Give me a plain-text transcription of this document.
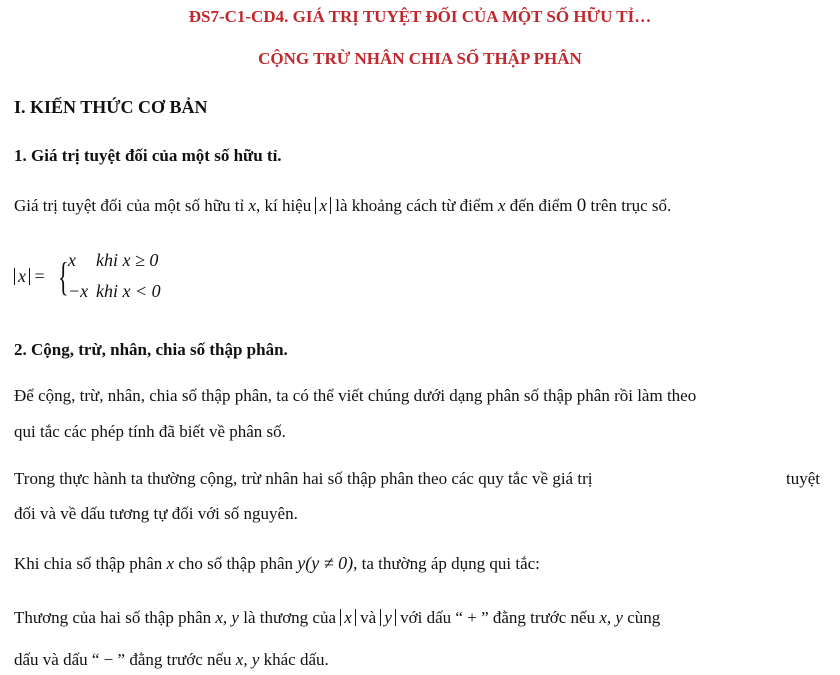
ĐS7-C1-CD4. GIÁ TRỊ TUYỆT ĐỐI CỦA MỘT SỐ HỮU TỈ…
CỘNG TRỪ NHÂN CHIA SỐ THẬP PHÂN
I. KIẾN THỨC CƠ BẢN
1. Giá trị tuyệt đối của một số hữu tỉ.
Giá trị tuyệt đối của một số hữu tỉ x, kí hiệu x là khoảng cách từ điểm x đến điểm 0 trên trục số.
x = { x khi x ≥ 0
−x khi x < 0
2. Cộng, trừ, nhân, chia số thập phân.
Để cộng, trừ, nhân, chia số thập phân, ta có thể viết chúng dưới dạng phân số thập phân rồi làm theo
qui tắc các phép tính đã biết về phân số.
Trong thực hành ta thường cộng, trừ nhân hai số thập phân theo các quy tắc về giá trị	tuyệt
đối và về dấu tương tự đối với số nguyên.
Khi chia số thập phân x cho số thập phân y(y ≠ 0), ta thường áp dụng qui tắc:
Thương của hai số thập phân x, y là thương của x và y với dấu “ + ” đằng trước nếu x, y cùng
dấu và dấu “ − ” đằng trước nếu x, y khác dấu.
